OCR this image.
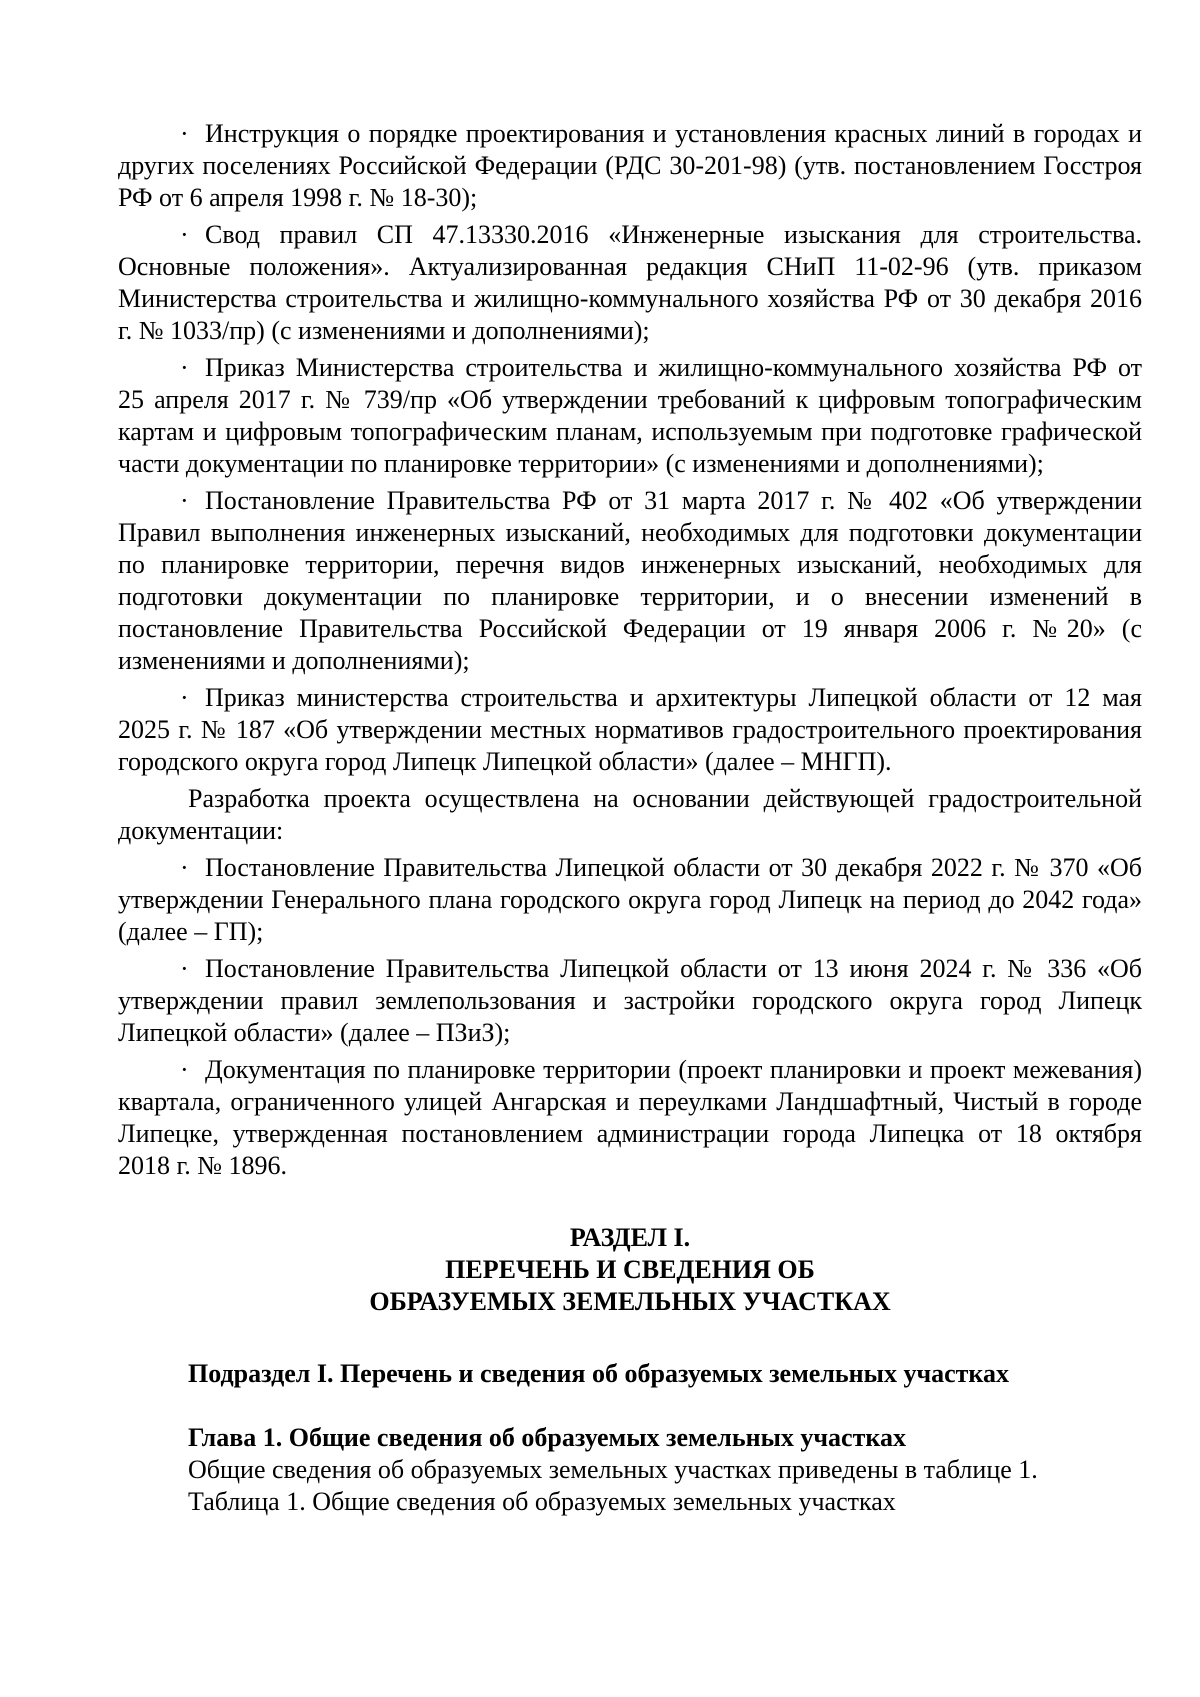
· Инструкция о порядке проектирования и установления красных линий в городах и других поселениях Российской Федерации (РДС 30-201-98) (утв. постановлением Госстроя РФ от 6 апреля 1998 г. № 18-30);

· Свод правил СП 47.13330.2016 «Инженерные изыскания для строительства. Основные положения». Актуализированная редакция СНиП 11-02-96 (утв. приказом Министерства строительства и жилищно-коммунального хозяйства РФ от 30 декабря 2016 г. № 1033/пр) (с изменениями и дополнениями);

· Приказ Министерства строительства и жилищно-коммунального хозяйства РФ от 25 апреля 2017 г. № 739/пр «Об утверждении требований к цифровым топографическим картам и цифровым топографическим планам, используемым при подготовке графической части документации по планировке территории» (с изменениями и дополнениями);

· Постановление Правительства РФ от 31 марта 2017 г. № 402 «Об утверждении Правил выполнения инженерных изысканий, необходимых для подготовки документации по планировке территории, перечня видов инженерных изысканий, необходимых для подготовки документации по планировке территории, и о внесении изменений в постановление Правительства Российской Федерации от 19 января 2006 г. №20» (с изменениями и дополнениями);

· Приказ министерства строительства и архитектуры Липецкой области от 12 мая 2025 г. № 187 «Об утверждении местных нормативов градостроительного проектирования городского округа город Липецк Липецкой области» (далее – МНГП).

Разработка проекта осуществлена на основании действующей градостроительной документации:

· Постановление Правительства Липецкой области от 30 декабря 2022 г. № 370 «Об утверждении Генерального плана городского округа город Липецк на период до 2042 года» (далее – ГП);

· Постановление Правительства Липецкой области от 13 июня 2024 г. № 336 «Об утверждении правил землепользования и застройки городского округа город Липецк Липецкой области» (далее – ПЗиЗ);

· Документация по планировке территории (проект планировки и проект межевания) квартала, ограниченного улицей Ангарская и переулками Ландшафтный, Чистый в городе Липецке, утвержденная постановлением администрации города Липецка от 18 октября 2018 г. № 1896.

РАЗДЕЛ I.
ПЕРЕЧЕНЬ И СВЕДЕНИЯ ОБ
ОБРАЗУЕМЫХ ЗЕМЕЛЬНЫХ УЧАСТКАХ
Подраздел I. Перечень и сведения об образуемых земельных участках
Глава 1. Общие сведения об образуемых земельных участках
Общие сведения об образуемых земельных участках приведены в таблице 1.
Таблица 1. Общие сведения об образуемых земельных участках
